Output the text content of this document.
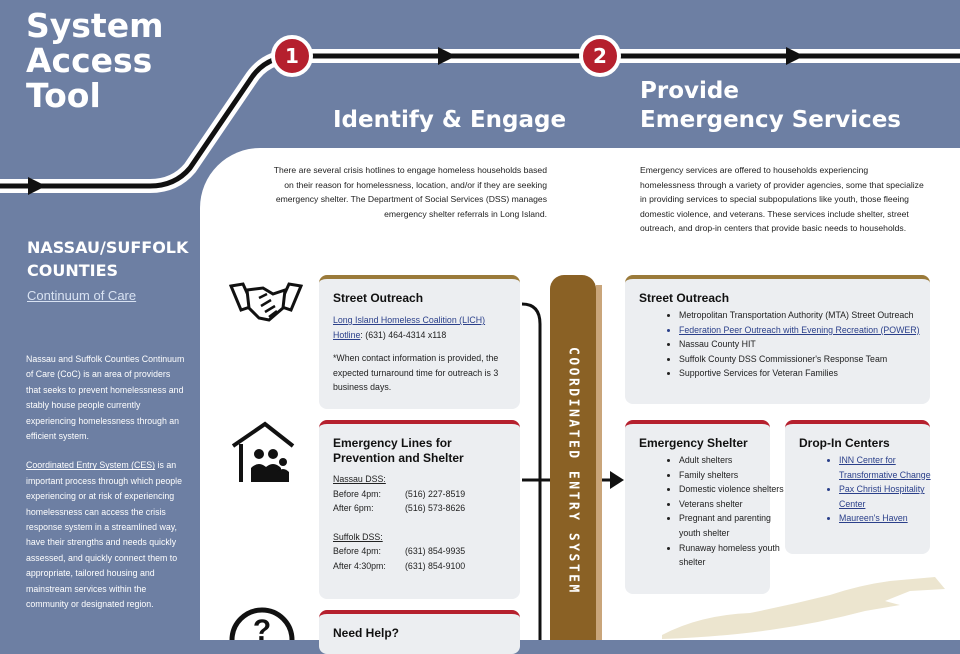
System
Access
Tool
1	2
Identify & Engage
Provide
Emergency Services
NASSAU/SUFFOLK
COUNTIES
Continuum of Care

Nassau and Suffolk Counties Continuum of Care (CoC) is an area of providers that seeks to prevent homelessness and stably house people currently experiencing homelessness through an efficient system.

Coordinated Entry System (CES) is an important process through which people experiencing or at risk of experiencing homelessness can access the crisis response system in a streamlined way, have their strengths and needs quickly assessed, and quickly connect them to appropriate, tailored housing and mainstream services within the community or designated region.

There are several crisis hotlines to engage homeless households based on their reason for homelessness, location, and/or if they are seeking emergency shelter. The Department of Social Services (DSS) manages emergency shelter referrals in Long Island.
Emergency services are offered to households experiencing homelessness through a variety of provider agencies, some that specialize in providing services to special subpopulations like youth, those fleeing domestic violence, and veterans. These services include shelter, street outreach, and drop-in centers that provide basic needs to households.
?
Street Outreach
Long Island Homeless Coalition (LICH) Hotline: (631) 464-4314 x118
*When contact information is provided, the expected turnaround time for outreach is 3 business days.
Emergency Lines for Prevention and Shelter
Nassau DSS:
Before 4pm:	(516) 227-8519
After 6pm:	(516) 573-8626
Suffolk DSS:
Before 4pm:	(631) 854-9935
After 4:30pm:	(631) 854-9100
Need Help?
COORDINATED ENTRY SYSTEM
Street Outreach
• Metropolitan Transportation Authority (MTA) Street Outreach
• Federation Peer Outreach with Evening Recreation (POWER)
• Nassau County HIT
• Suffolk County DSS Commissioner's Response Team
• Supportive Services for Veteran Families
Emergency Shelter
• Adult shelters
• Family shelters
• Domestic violence shelters
• Veterans shelter
• Pregnant and parenting youth shelter
• Runaway homeless youth shelter
Drop-In Centers
• INN Center for Transformative Change
• Pax Christi Hospitality Center
• Maureen's Haven
